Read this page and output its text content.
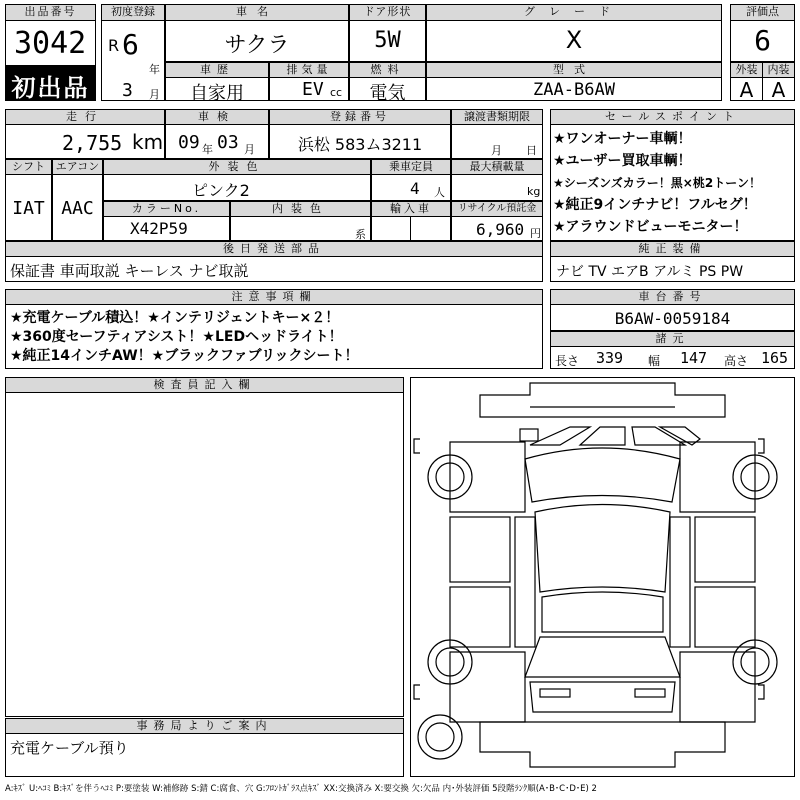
出品番号
3042
初出品
初度登録
R 6
年
3 月
車名
サクラ
ドア形状
5W
グレード
X
評価点
6
車歴
自家用
排気量
EV cc
燃料
電気
型式
ZAA-B6AW
外装
A
内装
A
走行
2,755 km
車検
09 年 03 月
登録番号
浜松 583ム3211
譲渡書類期限
月 日
シフト
IAT
エアコン
AAC
外装色
ピンク2
乗車定員
4 人
最大積載量
kg
カラーNo.
X42P59
内装色
系
輸入車	リサイクル預託金
6,960 円
後日発送部品
保証書 車両取説 キーレス ナビ取説
セールスポイント
★ワンオーナー車輌！
★ユーザー買取車輌！
★シーズンズカラー！黒×桃2トーン！
★純正9インチナビ！フルセグ！
★アラウンドビューモニター！
純正装備
ナビ TV エアB アルミ PS PW
注意事項欄
★充電ケーブル積込！★インテリジェントキー×２！
★360度セーフティアシスト！★LEDヘッドライト！
★純正14インチAW！★ブラックファブリックシート！
車台番号
B6AW-0059184
諸元
長さ 339 幅 147 高さ 165
検査員記入欄
事務局よりご案内
充電ケーブル預り
A:ｷｽﾞ U:ﾍｺﾐ B:ｷｽﾞを伴うﾍｺﾐ P:要塗装 W:補修跡 S:錆 C:腐食、穴 G:ﾌﾛﾝﾄｶﾞﾗｽ点ｷｽﾞ XX:交換済み X:要交換 欠:欠品 内･外装評価 5段階ﾗﾝｸ順(A･B･C･D･E) 2
